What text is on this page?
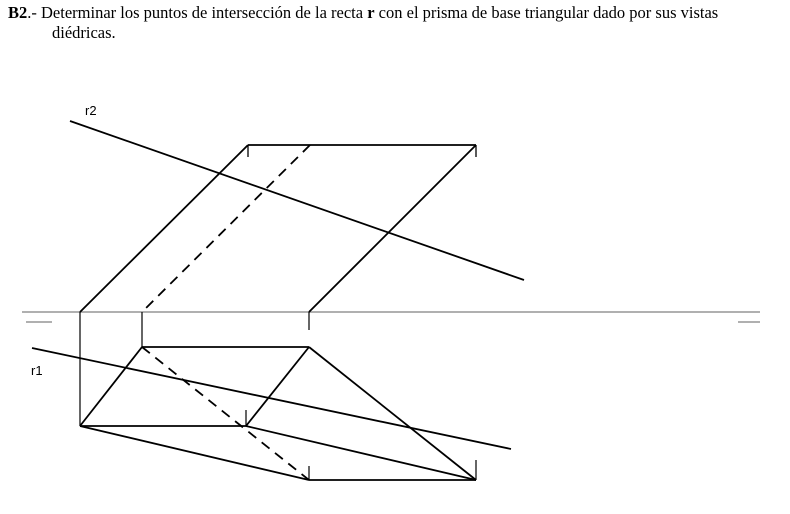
B2.- Determinar los puntos de intersección de la recta r con el prisma de base triangular dado por sus vistas
diédricas.
r2
r1
